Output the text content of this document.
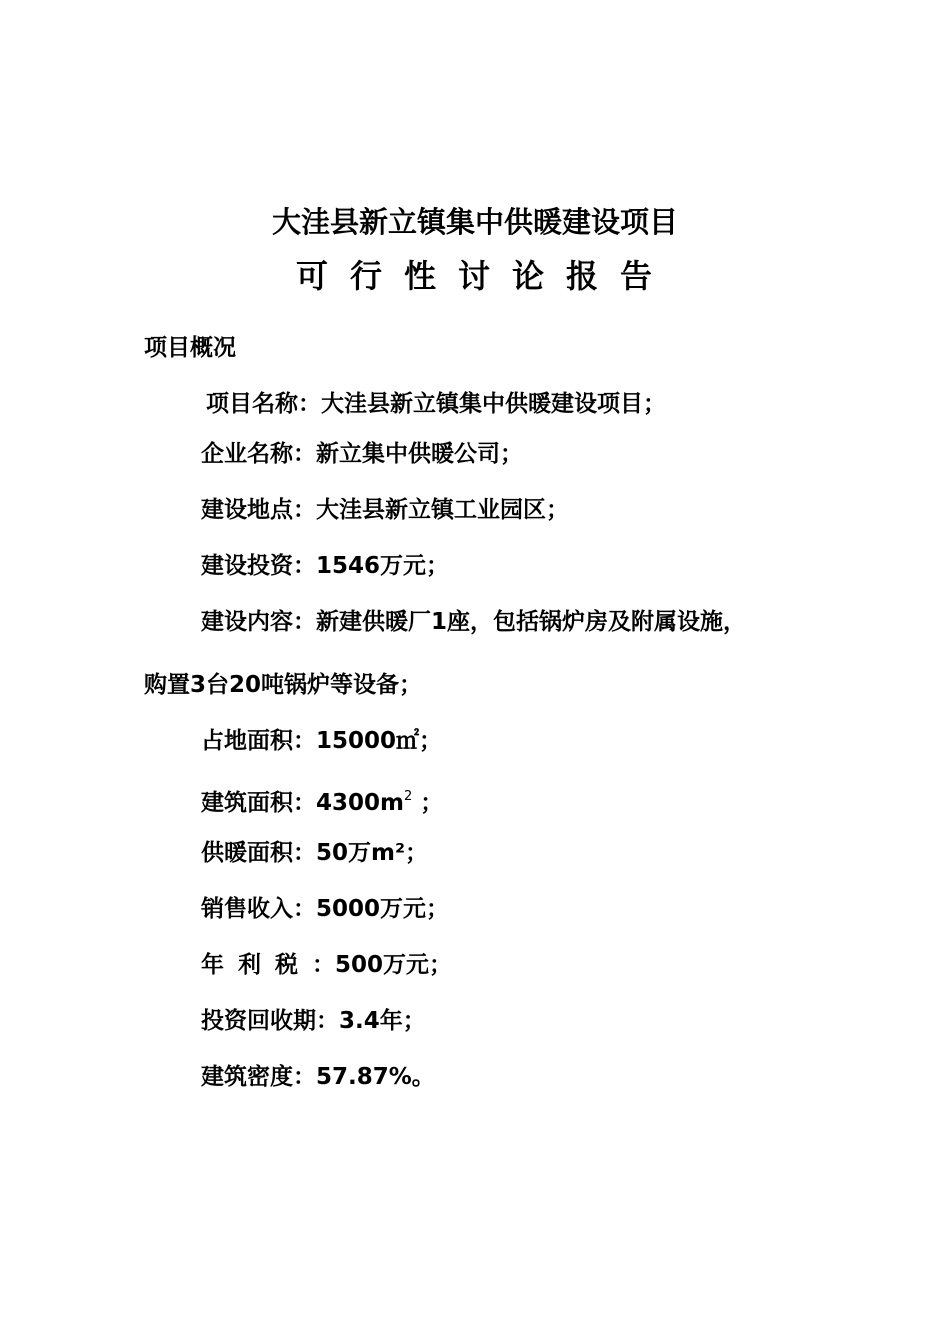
大洼县新立镇集中供暖建设项目
可行性讨论报告
项目概况
项目名称：大洼县新立镇集中供暖建设项目；
企业名称：新立集中供暖公司；
建设地点：大洼县新立镇工业园区；
建设投资：1546万元；
建设内容：新建供暖厂1座，包括锅炉房及附属设施，
购置3台20吨锅炉等设备；
占地面积：15000㎡；
建筑面积：$4300m^2$ ；
供暖面积：50万m²；
销售收入：5000万元；
年利税：500万元；
投资回收期：3.4年；
建筑密度：57.87%。
